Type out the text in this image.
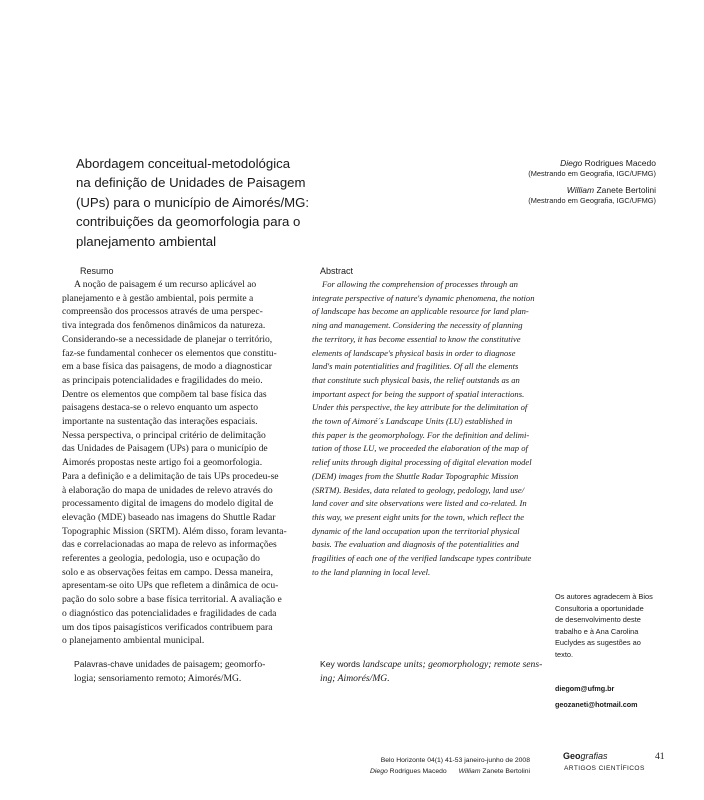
Abordagem conceitual-metodológica
na definição de Unidades de Paisagem
(UPs) para o município de Aimorés/MG:
contribuições da geomorfologia para o
planejamento ambiental
Diego Rodrigues Macedo
(Mestrando em Geografia, IGC/UFMG)
William Zanete Bertolini
(Mestrando em Geografia, IGC/UFMG)
Resumo
A noção de paisagem é um recurso aplicável ao
planejamento e à gestão ambiental, pois permite a
compreensão dos processos através de uma perspec-
tiva integrada dos fenômenos dinâmicos da natureza.
Considerando-se a necessidade de planejar o território,
faz-se fundamental conhecer os elementos que constitu-
em a base física das paisagens, de modo a diagnosticar
as principais potencialidades e fragilidades do meio.
Dentre os elementos que compõem tal base física das
paisagens destaca-se o relevo enquanto um aspecto
importante na sustentação das interações espaciais.
Nessa perspectiva, o principal critério de delimitação
das Unidades de Paisagem (UPs) para o município de
Aimorés propostas neste artigo foi a geomorfologia.
Para a definição e a delimitação de tais UPs procedeu-se
à elaboração do mapa de unidades de relevo através do
processamento digital de imagens do modelo digital de
elevação (MDE) baseado nas imagens do Shuttle Radar
Topographic Mission (SRTM). Além disso, foram levanta-
das e correlacionadas ao mapa de relevo as informações
referentes a geologia, pedologia, uso e ocupação do
solo e as observações feitas em campo. Dessa maneira,
apresentam-se oito UPs que refletem a dinâmica de ocu-
pação do solo sobre a base física territorial. A avaliação e
o diagnóstico das potencialidades e fragilidades de cada
um dos tipos paisagísticos verificados contribuem para
o planejamento ambiental municipal.
Abstract
For allowing the comprehension of processes through an
integrate perspective of nature's dynamic phenomena, the notion
of landscape has become an applicable resource for land plan-
ning and management. Considering the necessity of planning
the territory, it has become essential to know the constitutive
elements of landscape's physical basis in order to diagnose
land's main potentialities and fragilities. Of all the elements
that constitute such physical basis, the relief outstands as an
important aspect for being the support of spatial interactions.
Under this perspective, the key attribute for the delimitation of
the town of Aimoré´s Landscape Units (LU) established in
this paper is the geomorphology. For the definition and delimi-
tation of those LU, we proceeded the elaboration of the map of
relief units through digital processing of digital elevation model
(DEM) images from the Shuttle Radar Topographic Mission
(SRTM). Besides, data related to geology, pedology, land use/
land cover and site observations were listed and co-related. In
this way, we present eight units for the town, which reflect the
dynamic of the land occupation upon the territorial physical
basis. The evaluation and diagnosis of the potentialities and
fragilities of each one of the verified landscape types contribute
to the land planning in local level.
Palavras-chave unidades de paisagem; geomorfo-
logia; sensoriamento remoto; Aimorés/MG.
Key words landscape units; geomorphology; remote sens-
ing; Aimorés/MG.
Os autores agradecem à Bios
Consultoria a oportunidade
de desenvolvimento deste
trabalho e à Ana Carolina
Euclydes as sugestões ao
texto.
diegom@ufmg.br
geozaneti@hotmail.com
Belo Horizonte 04(1) 41-53 janeiro-junho de 2008
Diego Rodrigues Macedo William Zanete Bertolini
Geografias
ARTIGOS CIENTÍFICOS
41
